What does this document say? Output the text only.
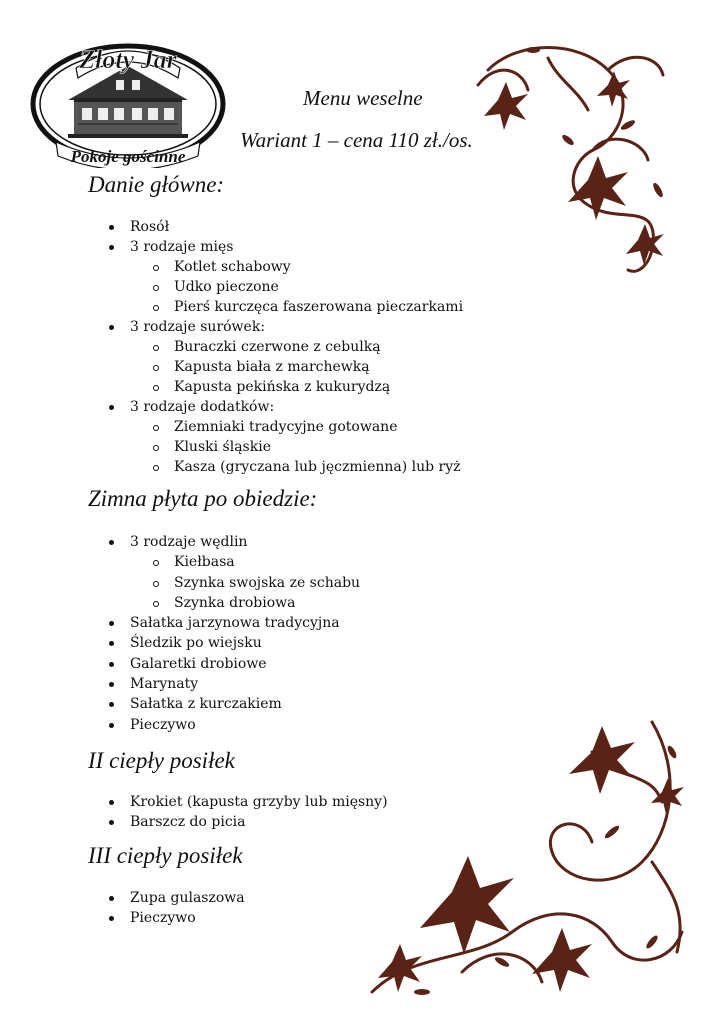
Złoty Jar
Pokoje gościnne
Menu weselne
Wariant 1 – cena 110 zł./os.
Danie główne:
Rosół
3 rodzaje mięs
Kotlet schabowy
Udko pieczone
Pierś kurczęca faszerowana pieczarkami
3 rodzaje surówek:
Buraczki czerwone z cebulką
Kapusta biała z marchewką
Kapusta pekińska z kukurydzą
3 rodzaje dodatków:
Ziemniaki tradycyjne gotowane
Kluski śląskie
Kasza (gryczana lub jęczmienna) lub ryż
Zimna płyta po obiedzie:
3 rodzaje wędlin
Kiełbasa
Szynka swojska ze schabu
Szynka drobiowa
Sałatka jarzynowa tradycyjna
Śledzik po wiejsku
Galaretki drobiowe
Marynaty
Sałatka z kurczakiem
Pieczywo
II ciepły posiłek
Krokiet (kapusta grzyby lub mięsny)
Barszcz do picia
III ciepły posiłek
Zupa gulaszowa
Pieczywo
